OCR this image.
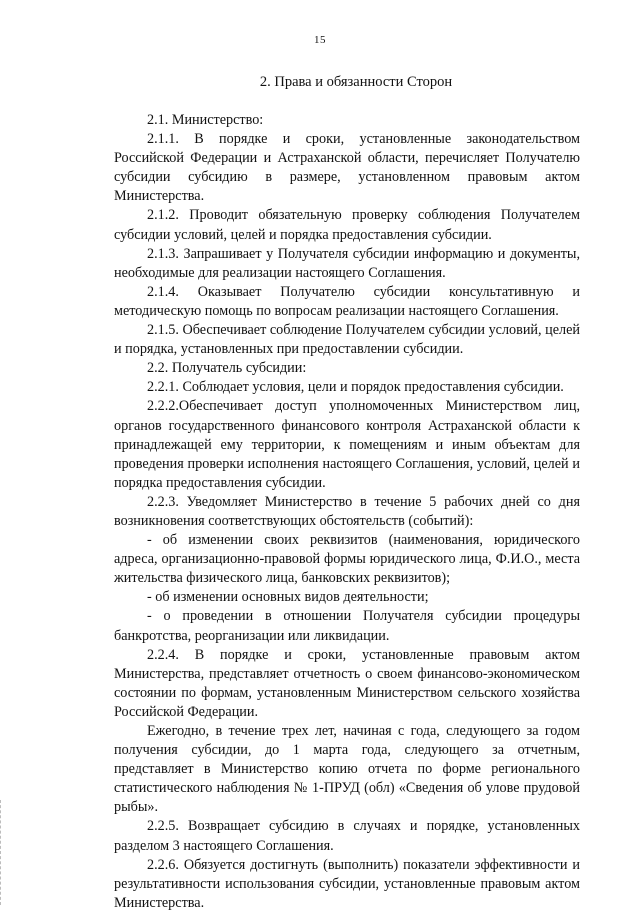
15
2. Права и обязанности Сторон

2.1. Министерство:

2.1.1. В порядке и сроки, установленные законодательством Российской Федерации и Астраханской области, перечисляет Получателю субсидии субсидию в размере, установленном правовым актом Министерства.

2.1.2. Проводит обязательную проверку соблюдения Получателем субсидии условий, целей и порядка предоставления субсидии.

2.1.3. Запрашивает у Получателя субсидии информацию и документы, необходимые для реализации настоящего Соглашения.

2.1.4. Оказывает Получателю субсидии консультативную и методическую помощь по вопросам реализации настоящего Соглашения.

2.1.5. Обеспечивает соблюдение Получателем субсидии условий, целей и порядка, установленных при предоставлении субсидии.

2.2. Получатель субсидии:

2.2.1. Соблюдает условия, цели и порядок предоставления субсидии.

2.2.2.Обеспечивает доступ уполномоченных Министерством лиц, органов государственного финансового контроля Астраханской области к принадлежащей ему территории, к помещениям и иным объектам для проведения проверки исполнения настоящего Соглашения, условий, целей и порядка предоставления субсидии.

2.2.3. Уведомляет Министерство в течение 5 рабочих дней со дня возникновения соответствующих обстоятельств (событий):

- об изменении своих реквизитов (наименования, юридического адреса, организационно-правовой формы юридического лица, Ф.И.О., места жительства физического лица, банковских реквизитов);

- об изменении основных видов деятельности;

- о проведении в отношении Получателя субсидии процедуры банкротства, реорганизации или ликвидации.

2.2.4. В порядке и сроки, установленные правовым актом Министерства, представляет отчетность о своем финансово-экономическом состоянии по формам, установленным Министерством сельского хозяйства Российской Федерации.

Ежегодно, в течение трех лет, начиная с года, следующего за годом получения субсидии, до 1 марта года, следующего за отчетным, представляет в Министерство копию отчета по форме регионального статистического наблюдения № 1-ПРУД (обл) «Сведения об улове прудовой рыбы».

2.2.5. Возвращает субсидию в случаях и порядке, установленных разделом 3 настоящего Соглашения.

2.2.6. Обязуется достигнуть (выполнить) показатели эффективности и результативности использования субсидии, установленные правовым актом Министерства.
